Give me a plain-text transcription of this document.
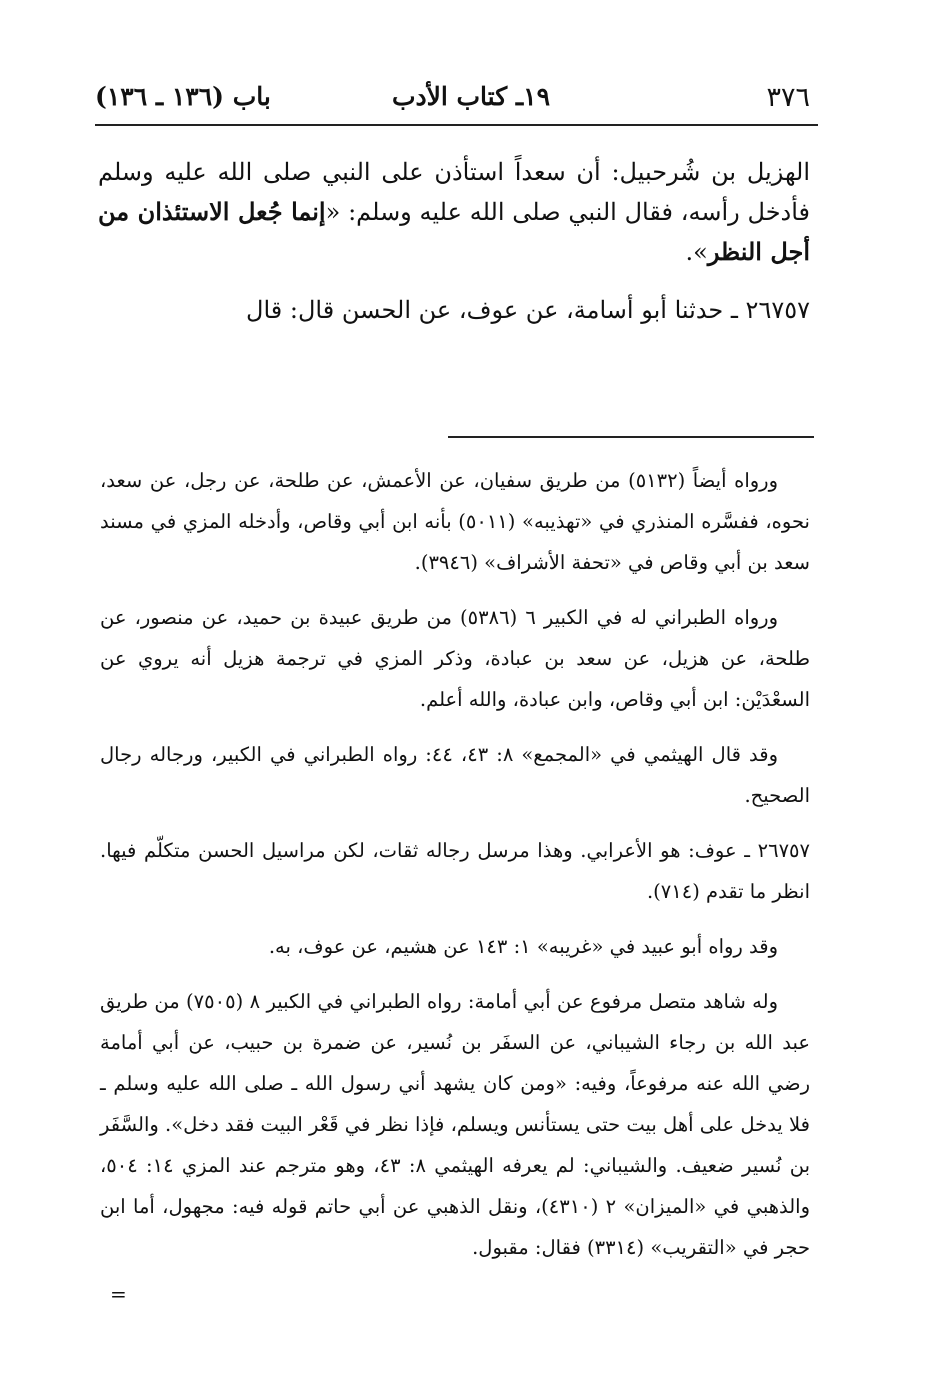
٣٧٦
١٩ـ كتاب الأدب
باب (١٣٦ ـ ١٣٦)

الهزيل بن شُرحبيل: أن سعداً استأذن على النبي صلى الله عليه وسلم فأدخل رأسه، فقال النبي صلى الله عليه وسلم: «إنما جُعل الاستئذان من أجل النظر».

٢٦٧٥٧ ـ حدثنا أبو أسامة، عن عوف، عن الحسن قال: قال

ورواه أيضاً (٥١٣٢) من طريق سفيان، عن الأعمش، عن طلحة، عن رجل، عن سعد، نحوه، ففسَّره المنذري في «تهذيبه» (٥٠١١) بأنه ابن أبي وقاص، وأدخله المزي في مسند سعد بن أبي وقاص في «تحفة الأشراف» (٣٩٤٦).

ورواه الطبراني له في الكبير ٦ (٥٣٨٦) من طريق عبيدة بن حميد، عن منصور، عن طلحة، عن هزيل، عن سعد بن عبادة، وذكر المزي في ترجمة هزيل أنه يروي عن السعْدَيْن: ابن أبي وقاص، وابن عبادة، والله أعلم.

وقد قال الهيثمي في «المجمع» ٨: ٤٣، ٤٤: رواه الطبراني في الكبير، ورجاله رجال الصحيح.

٢٦٧٥٧ ـ عوف: هو الأعرابي. وهذا مرسل رجاله ثقات، لكن مراسيل الحسن متكلّم فيها. انظر ما تقدم (٧١٤).

وقد رواه أبو عبيد في «غريبه» ١: ١٤٣ عن هشيم، عن عوف، به.

وله شاهد متصل مرفوع عن أبي أمامة: رواه الطبراني في الكبير ٨ (٧٥٠٥) من طريق عبد الله بن رجاء الشيباني، عن السفَر بن نُسير، عن ضمرة بن حبيب، عن أبي أمامة رضي الله عنه مرفوعاً، وفيه: «ومن كان يشهد أني رسول الله ـ صلى الله عليه وسلم ـ فلا يدخل على أهل بيت حتى يستأنس ويسلم، فإذا نظر في قَعْر البيت فقد دخل». والسَّفَر بن نُسير ضعيف. والشيباني: لم يعرفه الهيثمي ٨: ٤٣، وهو مترجم عند المزي ١٤: ٥٠٤، والذهبي في «الميزان» ٢ (٤٣١٠)، ونقل الذهبي عن أبي حاتم قوله فيه: مجهول، أما ابن حجر في «التقريب» (٣٣١٤) فقال: مقبول.

=
